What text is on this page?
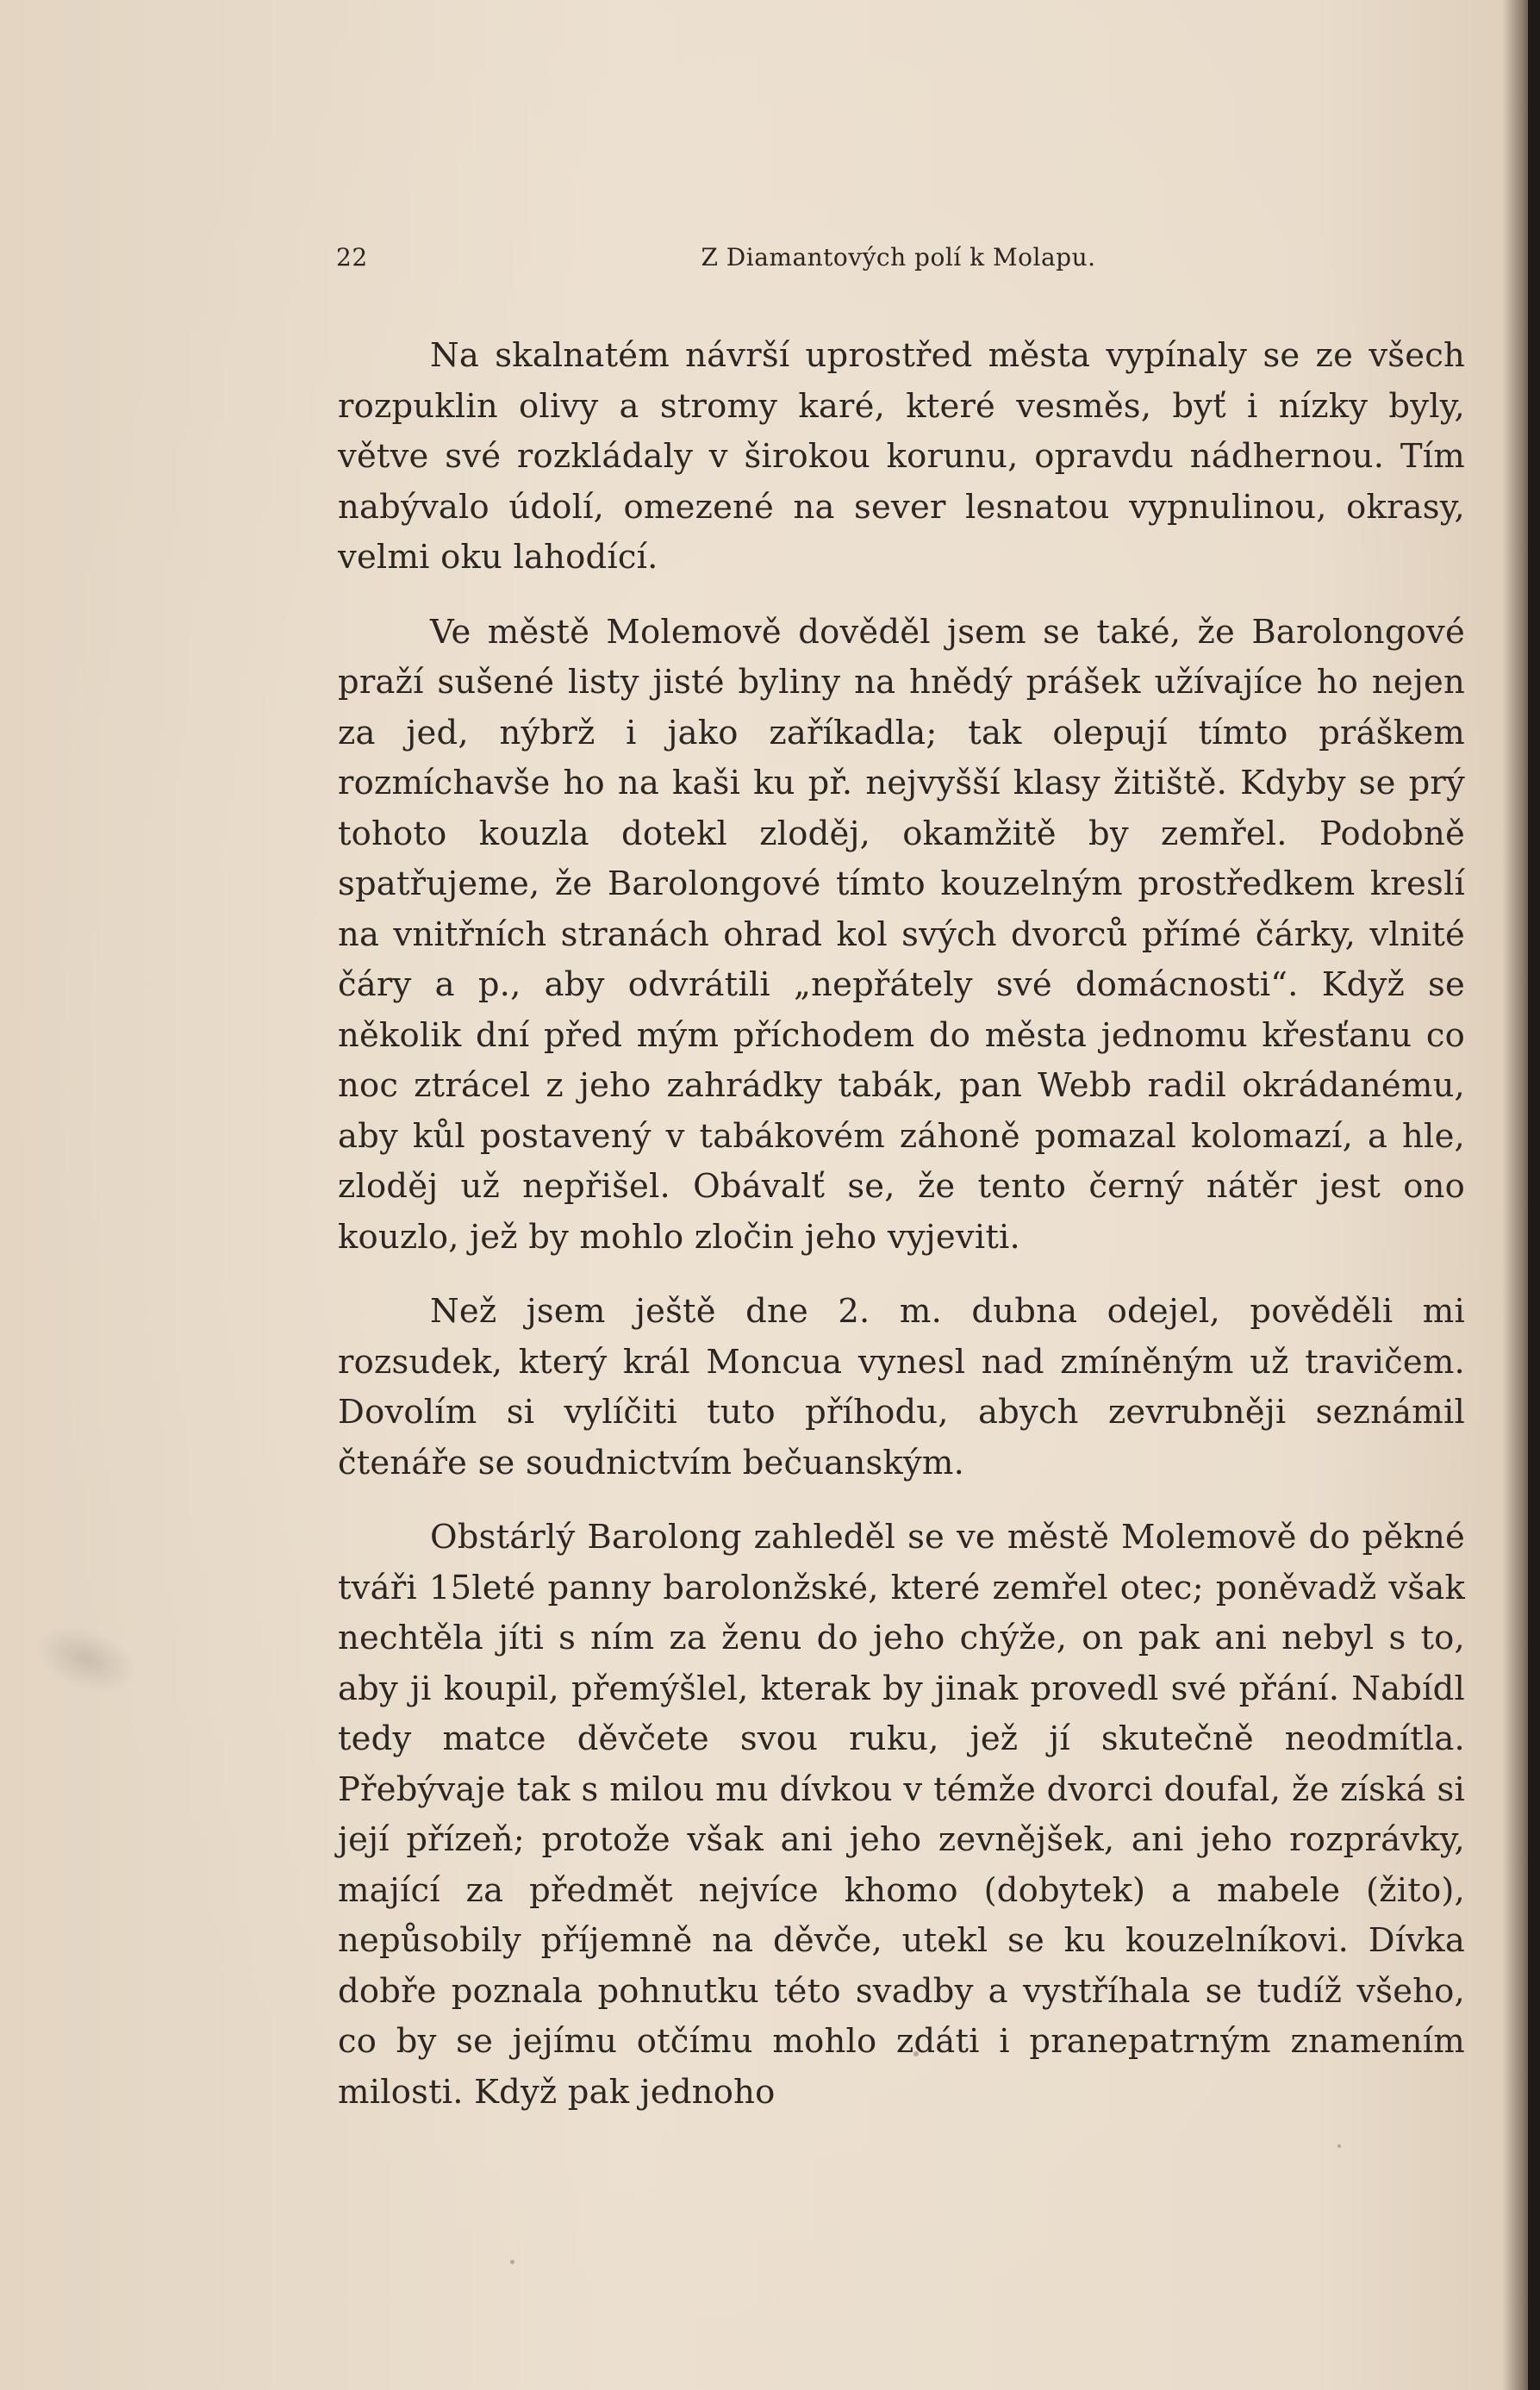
22	Z Diamantových polí k Molapu.

Na skalnatém návrší uprostřed města vypínaly se ze všech rozpuklin olivy a stromy karé, které vesměs, byť i nízky byly, větve své rozkládaly v širokou korunu, opravdu nádhernou. Tím nabývalo údolí, omezené na sever lesnatou vypnulinou, okrasy, velmi oku lahodící.

Ve městě Molemově dověděl jsem se také, že Barolongové praží sušené listy jisté byliny na hnědý prášek užívajíce ho nejen za jed, nýbrž i jako zaříkadla; tak olepují tímto práškem rozmíchavše ho na kaši ku př. nejvyšší klasy žitiště. Kdyby se prý tohoto kouzla dotekl zloděj, okamžitě by zemřel. Podobně spatřujeme, že Barolongové tímto kouzelným prostředkem kreslí na vnitřních stranách ohrad kol svých dvorců přímé čárky, vlnité čáry a p., aby odvrátili „nepřátely své domácnosti“. Když se několik dní před mým příchodem do města jednomu křesťanu co noc ztrácel z jeho zahrádky tabák, pan Webb radil okrádanému, aby kůl postavený v tabákovém záhoně pomazal kolomazí, a hle, zloděj už nepřišel. Obávalť se, že tento černý nátěr jest ono kouzlo, jež by mohlo zločin jeho vyjeviti.

Než jsem ještě dne 2. m. dubna odejel, pověděli mi rozsudek, který král Moncua vynesl nad zmíněným už travičem. Dovolím si vylíčiti tuto příhodu, abych zevrubněji seznámil čtenáře se soudnictvím bečuanským.

Obstárlý Barolong zahleděl se ve městě Molemově do pěkné tváři 15leté panny barolonžské, které zemřel otec; poněvadž však nechtěla jíti s ním za ženu do jeho chýže, on pak ani nebyl s to, aby ji koupil, přemýšlel, kterak by jinak provedl své přání. Nabídl tedy matce děvčete svou ruku, jež jí skutečně neodmítla. Přebývaje tak s milou mu dívkou v témže dvorci doufal, že získá si její přízeň; protože však ani jeho zevnějšek, ani jeho rozprávky, mající za předmět nejvíce khomo (dobytek) a mabele (žito), nepůsobily příjemně na děvče, utekl se ku kouzelníkovi. Dívka dobře poznala pohnutku této svadby a vystříhala se tudíž všeho, co by se jejímu otčímu mohlo zdáti i pranepatrným znamením milosti. Když pak jednoho
